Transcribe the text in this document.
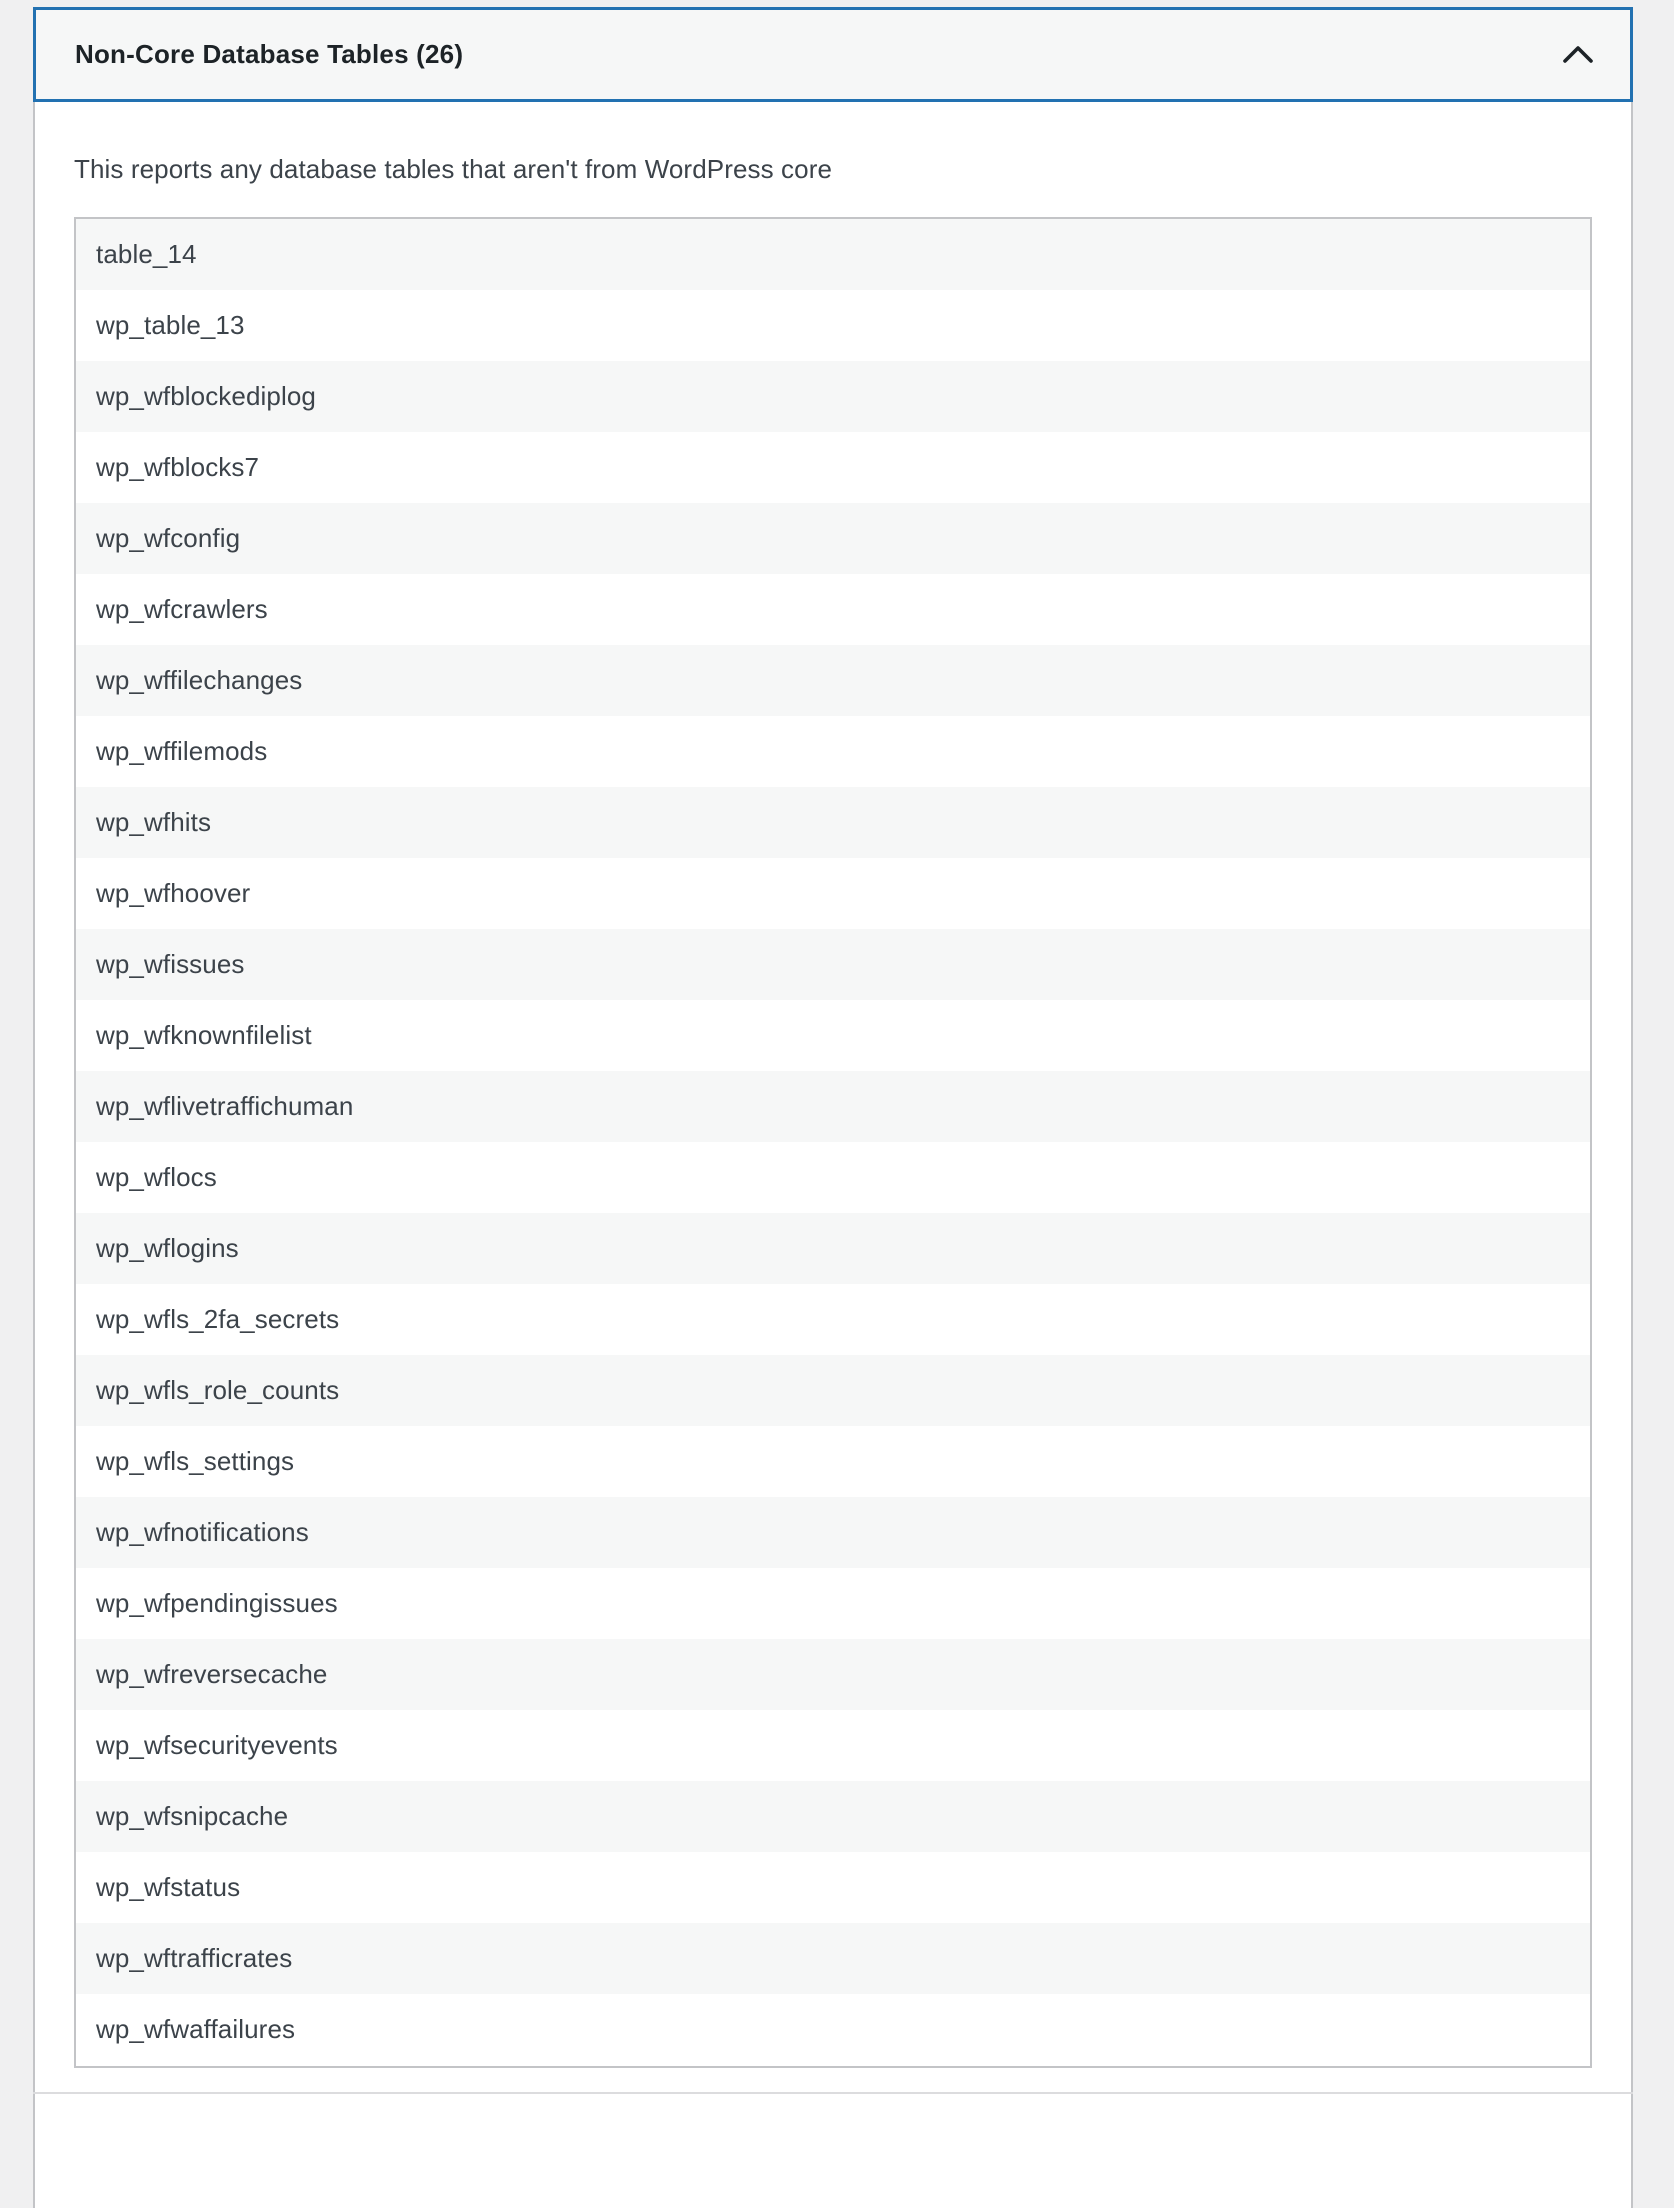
Non-Core Database Tables (26)
This reports any database tables that aren't from WordPress core
table_14
wp_table_13
wp_wfblockediplog
wp_wfblocks7
wp_wfconfig
wp_wfcrawlers
wp_wffilechanges
wp_wffilemods
wp_wfhits
wp_wfhoover
wp_wfissues
wp_wfknownfilelist
wp_wflivetraffichuman
wp_wflocs
wp_wflogins
wp_wfls_2fa_secrets
wp_wfls_role_counts
wp_wfls_settings
wp_wfnotifications
wp_wfpendingissues
wp_wfreversecache
wp_wfsecurityevents
wp_wfsnipcache
wp_wfstatus
wp_wftrafficrates
wp_wfwaffailures
